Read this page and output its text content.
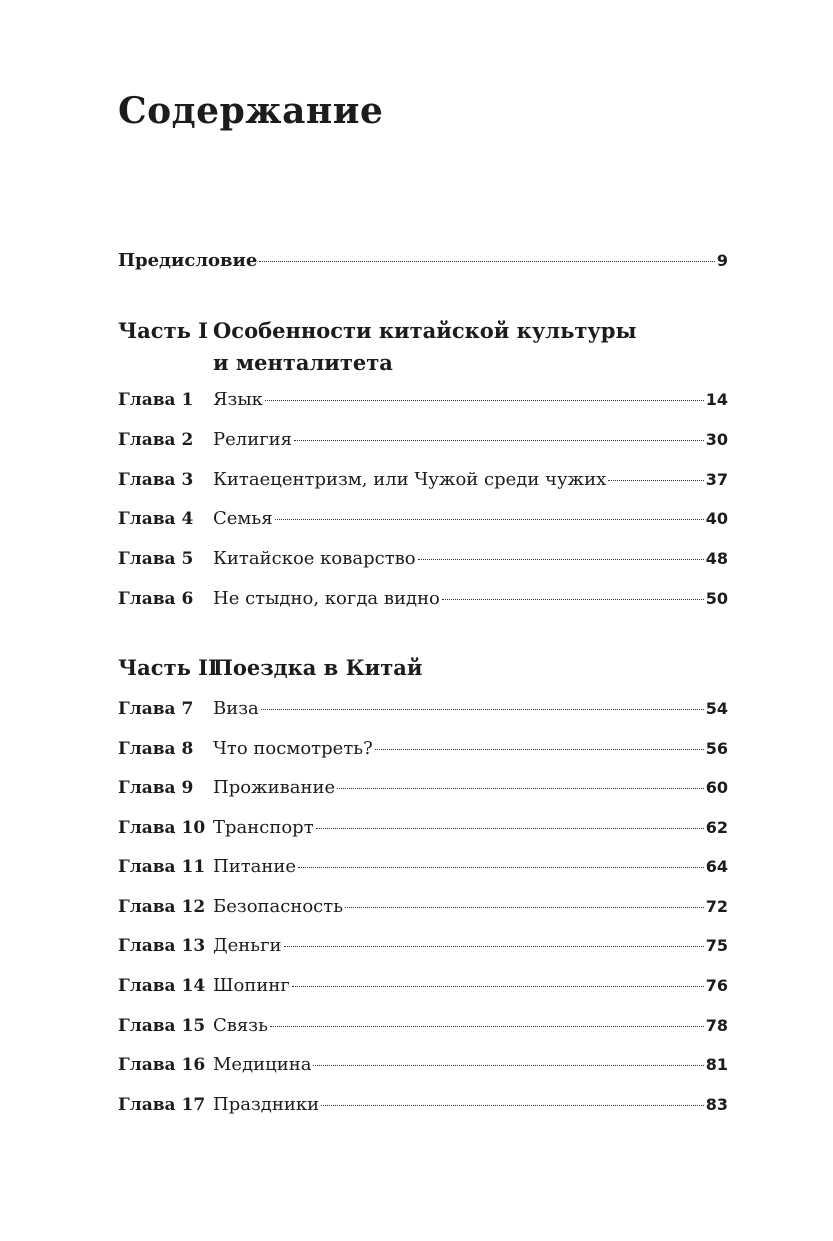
Содержание
Предисловие	9
Часть I Особенности китайской культуры
и менталитета
Глава 1	Язык	14
Глава 2	Религия	30
Глава 3	Китаецентризм, или Чужой среди чужих	37
Глава 4	Семья	40
Глава 5	Китайское коварство	48
Глава 6	Не стыдно, когда видно	50
Часть II
Поездка в Китай
Глава 7	Виза	54
Глава 8	Что посмотреть?	56
Глава 9	Проживание	60
Глава 10 Транспорт	62
Глава 11 Питание	64
Глава 12 Безопасность	72
Глава 13 Деньги	75
Глава 14 Шопинг	76
Глава 15 Связь	78
Глава 16 Медицина	81
Глава 17 Праздники	83
